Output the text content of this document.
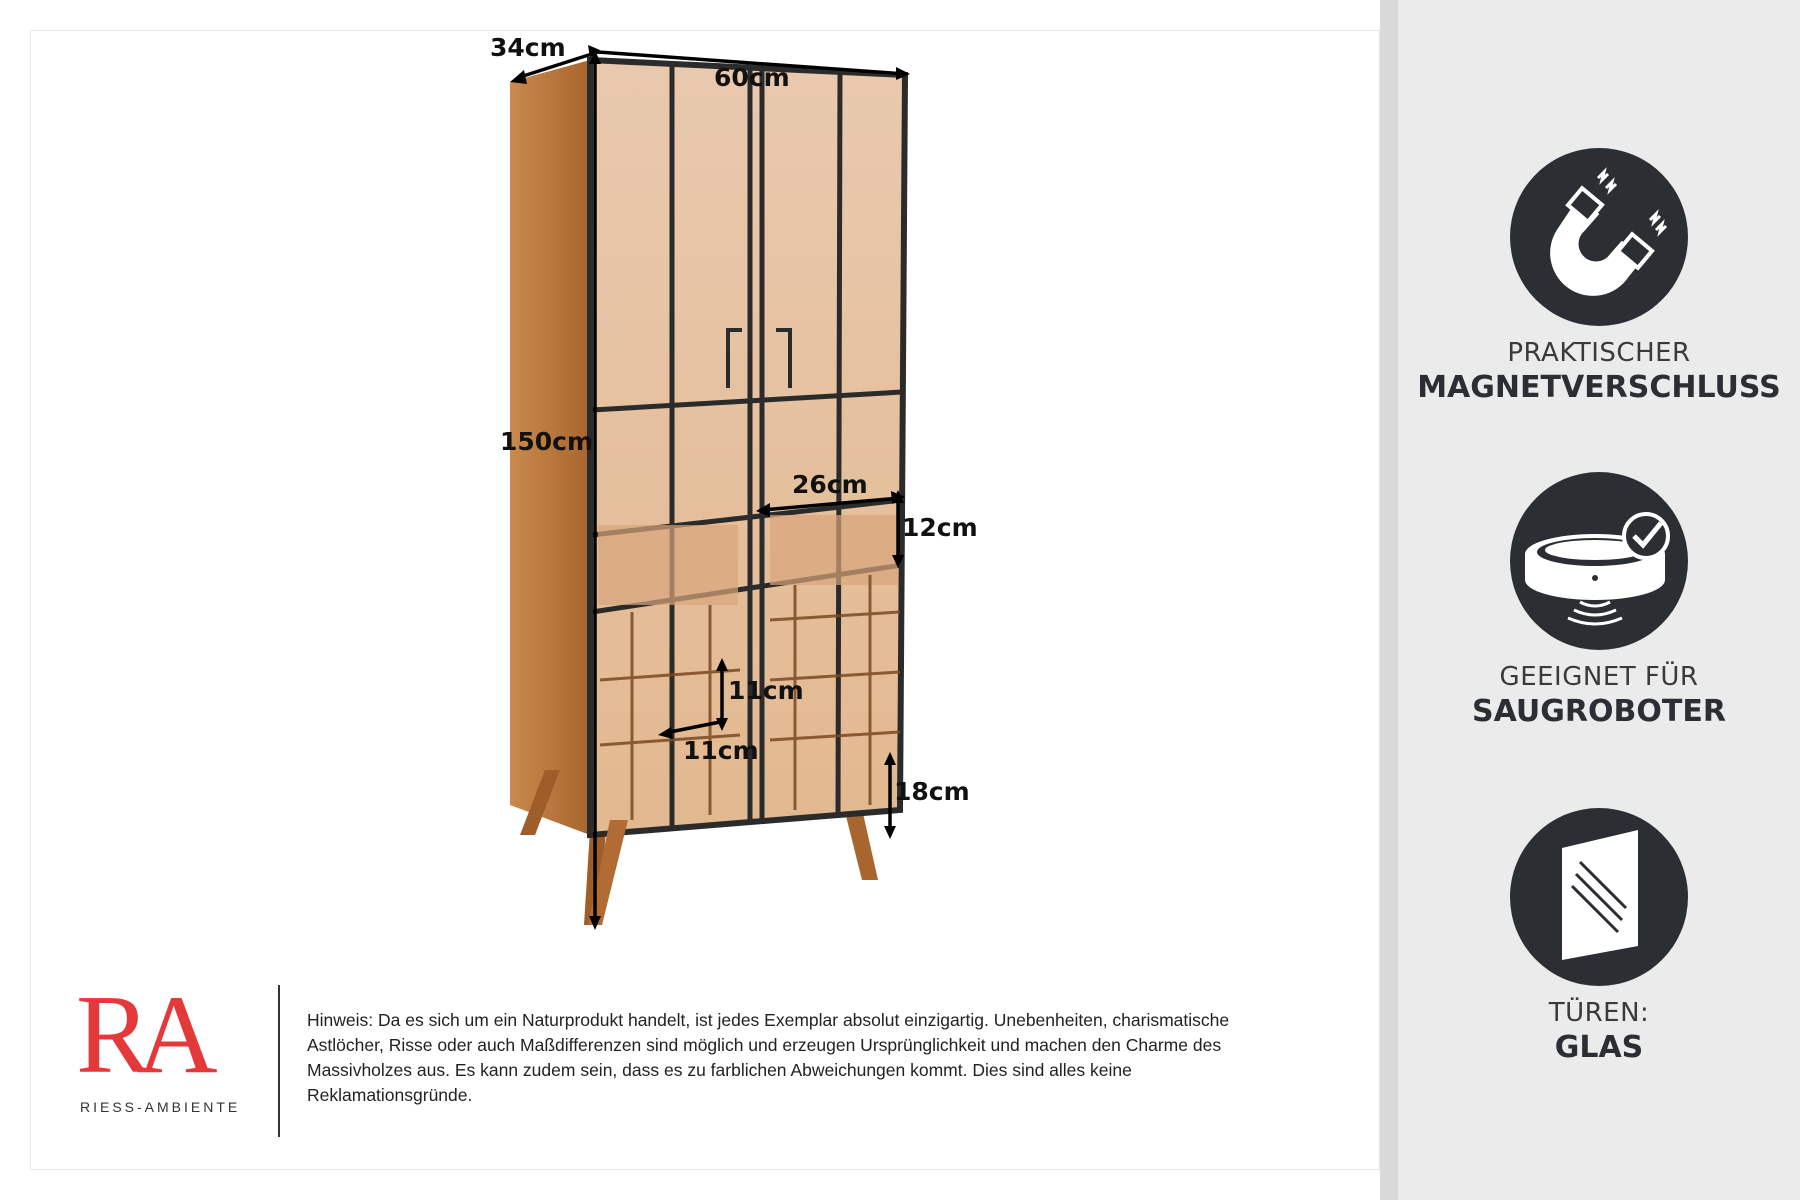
34cm
60cm
150cm
26cm
12cm
11cm
11cm
18cm
RA
RIESS-AMBIENTE
Hinweis: Da es sich um ein Naturprodukt handelt, ist jedes Exemplar absolut einzigartig. Unebenheiten, charismatische Astlöcher, Risse oder auch Maßdifferenzen sind möglich und erzeugen Ursprünglichkeit und machen den Charme des Massivholzes aus. Es kann zudem sein, dass es zu farblichen Abweichungen kommt. Dies sind alles keine Reklamationsgründe.
PRAKTISCHER
MAGNETVERSCHLUSS
GEEIGNET FÜR
SAUGROBOTER
TÜREN:
GLAS
